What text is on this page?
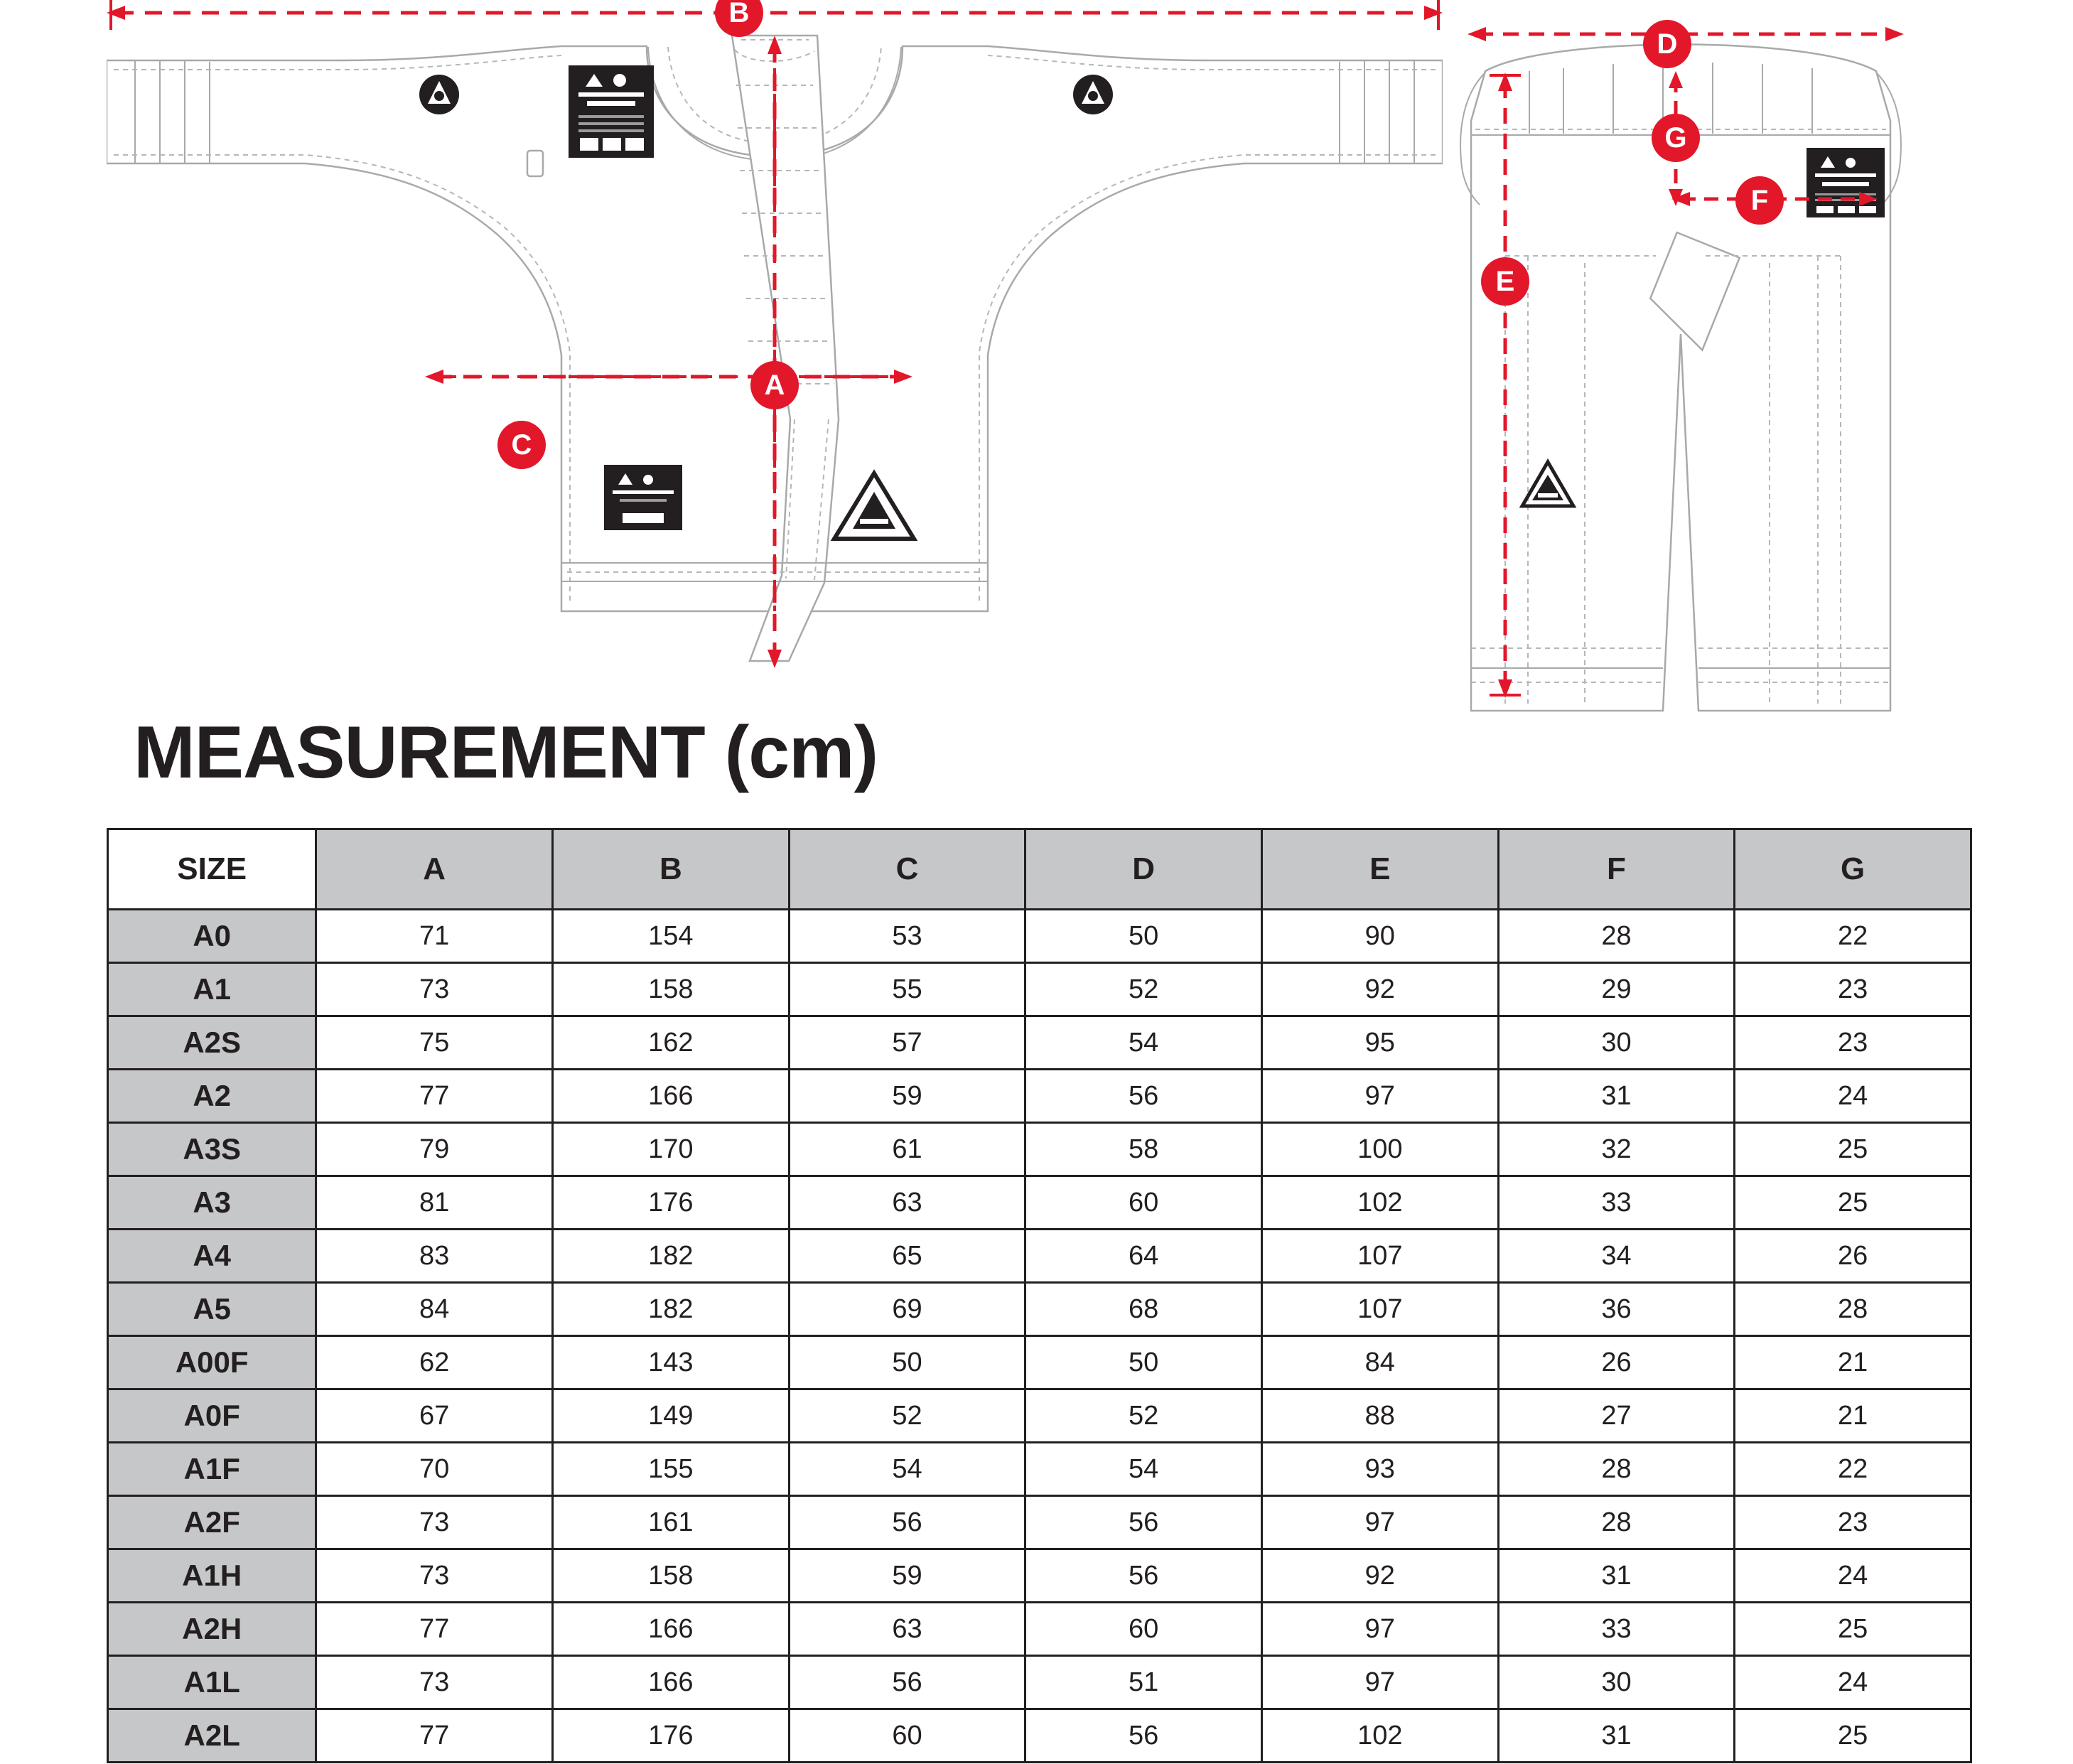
B
A
C
D
E
G
F
MEASUREMENT (cm)
SIZE	A	B	C	D	E	F	G
A0	71	154	53	50	90	28	22
A1	73	158	55	52	92	29	23
A2S	75	162	57	54	95	30	23
A2	77	166	59	56	97	31	24
A3S	79	170	61	58	100	32	25
A3	81	176	63	60	102	33	25
A4	83	182	65	64	107	34	26
A5	84	182	69	68	107	36	28
A00F	62	143	50	50	84	26	21
A0F	67	149	52	52	88	27	21
A1F	70	155	54	54	93	28	22
A2F	73	161	56	56	97	28	23
A1H	73	158	59	56	92	31	24
A2H	77	166	63	60	97	33	25
A1L	73	166	56	51	97	30	24
A2L	77	176	60	56	102	31	25
